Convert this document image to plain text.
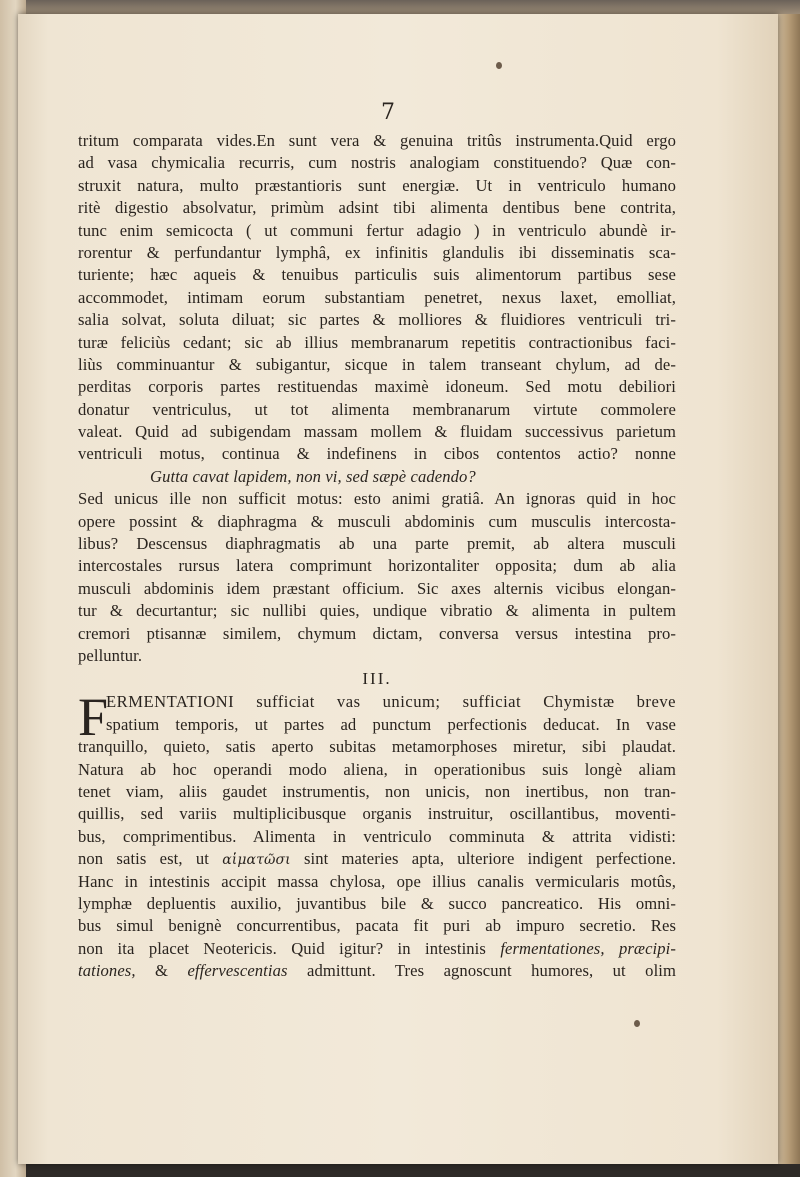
7
tritum comparata vides.En sunt vera & genuina tritûs instrumenta.Quid ergo
ad vasa chymicalia recurris, cum nostris analogiam constituendo? Quæ con-
struxit natura, multo præstantioris sunt energiæ. Ut in ventriculo humano
ritè digestio absolvatur, primùm adsint tibi alimenta dentibus bene contrita,
tunc enim semicocta ( ut communi fertur adagio ) in ventriculo abundè ir-
rorentur & perfundantur lymphâ, ex infinitis glandulis ibi disseminatis sca-
turiente; hæc aqueis & tenuibus particulis suis alimentorum partibus sese
accommodet, intimam eorum substantiam penetret, nexus laxet, emolliat,
salia solvat, soluta diluat; sic partes & molliores & fluidiores ventriculi tri-
turæ feliciùs cedant; sic ab illius membranarum repetitis contractionibus faci-
liùs comminuantur & subigantur, sicque in talem transeant chylum, ad de-
perditas corporis partes restituendas maximè idoneum. Sed motu debiliori
donatur ventriculus, ut tot alimenta membranarum virtute commolere
valeat. Quid ad subigendam massam mollem & fluidam successivus parietum
ventriculi motus, continua & indefinens in cibos contentos actio? nonne
Gutta cavat lapidem, non vi, sed sæpè cadendo?
Sed unicus ille non sufficit motus: esto animi gratiâ. An ignoras quid in hoc
opere possint & diaphragma & musculi abdominis cum musculis intercosta-
libus? Descensus diaphragmatis ab una parte premit, ab altera musculi
intercostales rursus latera comprimunt horizontaliter opposita; dum ab alia
musculi abdominis idem præstant officium. Sic axes alternis vicibus elongan-
tur & decurtantur; sic nullibi quies, undique vibratio & alimenta in pultem
cremori ptisannæ similem, chymum dictam, conversa versus intestina pro-
pelluntur.
III.
F
ERMENTATIONI sufficiat vas unicum; sufficiat Chymistæ breve
spatium temporis, ut partes ad punctum perfectionis deducat. In vase
tranquillo, quieto, satis aperto subitas metamorphoses miretur, sibi plaudat.
Natura ab hoc operandi modo aliena, in operationibus suis longè aliam
tenet viam, aliis gaudet instrumentis, non unicis, non inertibus, non tran-
quillis, sed variis multiplicibusque organis instruitur, oscillantibus, moventi-
bus, comprimentibus. Alimenta in ventriculo comminuta & attrita vidisti:
non satis est, ut αἱματῶσι sint materies apta, ulteriore indigent perfectione.
Hanc in intestinis accipit massa chylosa, ope illius canalis vermicularis motûs,
lymphæ depluentis auxilio, juvantibus bile & succo pancreatico. His omni-
bus simul benignè concurrentibus, pacata fit puri ab impuro secretio. Res
non ita placet Neotericis. Quid igitur? in intestinis fermentationes, præcipi-
tationes, & effervescentias admittunt. Tres agnoscunt humores, ut olim
